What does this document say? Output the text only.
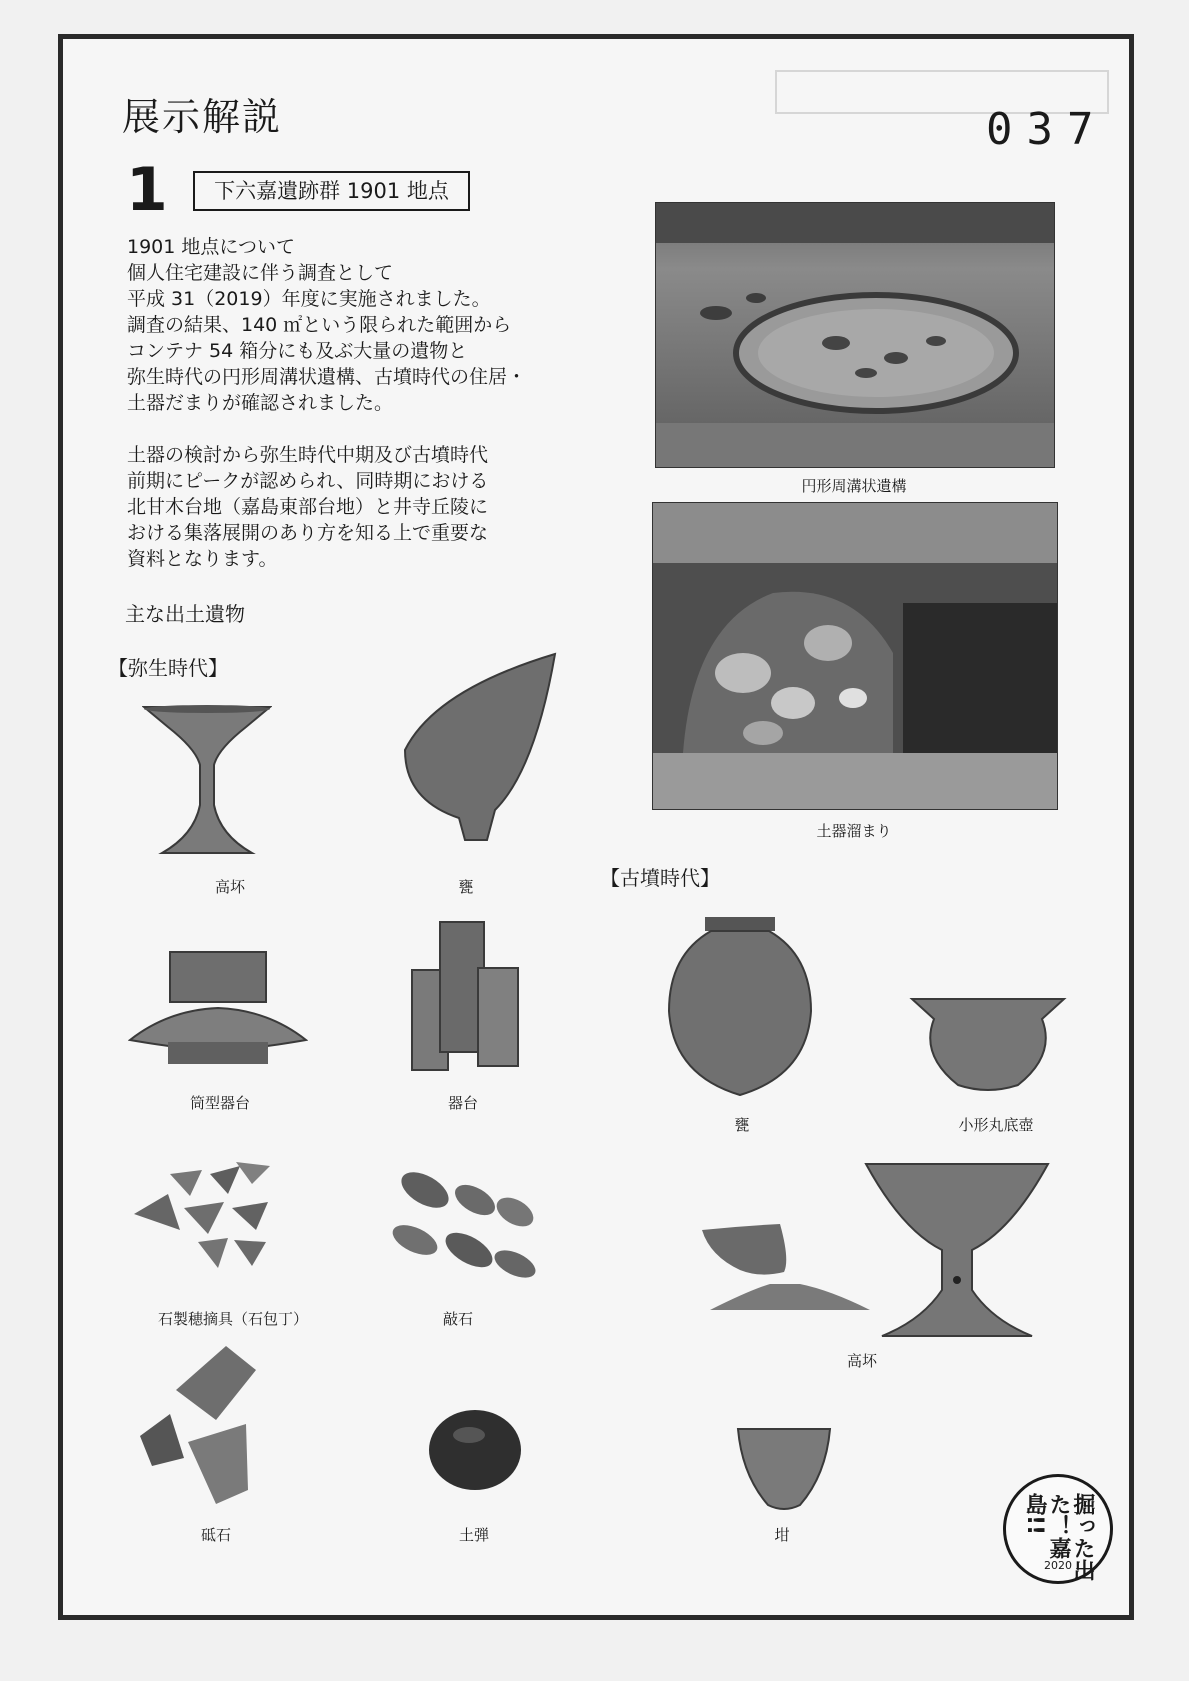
展示解説	037
1	下六嘉遺跡群 1901 地点

1901 地点について

個人住宅建設に伴う調査として

平成 31（2019）年度に実施されました。

調査の結果、140 ㎡という限られた範囲から

コンテナ 54 箱分にも及ぶ大量の遺物と

弥生時代の円形周溝状遺構、古墳時代の住居・

土器だまりが確認されました。

土器の検討から弥生時代中期及び古墳時代

前期にピークが認められ、同時期における

北甘木台地（嘉島東部台地）と井寺丘陵に

おける集落展開のあり方を知る上で重要な

資料となります。

円形周溝状遺構
土器溜まり
主な出土遺物
【弥生時代】
【古墳時代】
高坏	甕
筒型器台	器台
石製穂摘具（石包丁）	敲石
砥石	土弾
甕	小形丸底壺
高坏
坩	掘った出た！嘉島!!
2020
